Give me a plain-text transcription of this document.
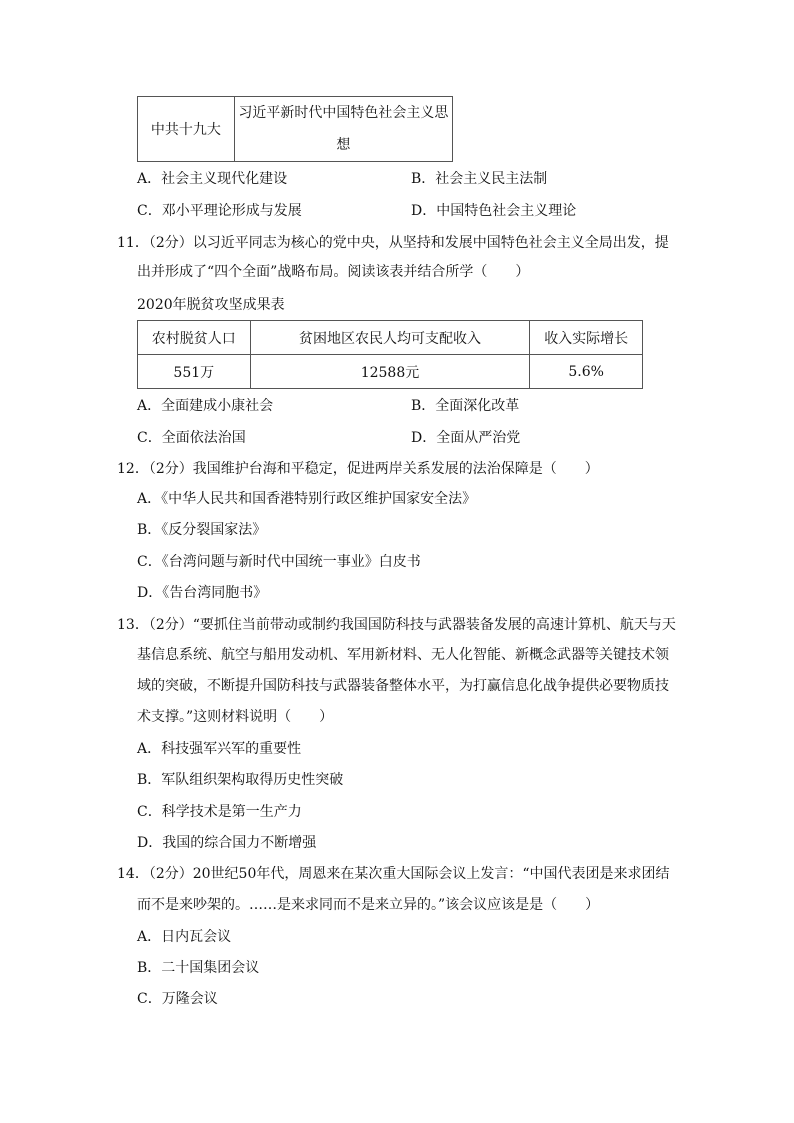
中共十九大	习近平新时代中国特色社会主义思想
A．社会主义现代化建设	B．社会主义民主法制
C．邓小平理论形成与发展	D．中国特色社会主义理论
11．（2分）以习近平同志为核心的党中央，从坚持和发展中国特色社会主义全局出发，提
出并形成了“四个全面”战略布局。阅读该表并结合所学（　　）
2020年脱贫攻坚成果表
农村脱贫人口	贫困地区农民人均可支配收入	收入实际增长
551万	12588元	5.6%
A．全面建成小康社会	B．全面深化改革
C．全面依法治国	D．全面从严治党
12．（2分）我国维护台海和平稳定，促进两岸关系发展的法治保障是（　　）
A．《中华人民共和国香港特别行政区维护国家安全法》
B．《反分裂国家法》
C．《台湾问题与新时代中国统一事业》白皮书
D．《告台湾同胞书》
13．（2分）“要抓住当前带动或制约我国国防科技与武器装备发展的高速计算机、航天与天
基信息系统、航空与船用发动机、军用新材料、无人化智能、新概念武器等关键技术领
域的突破，不断提升国防科技与武器装备整体水平，为打赢信息化战争提供必要物质技
术支撑。”这则材料说明（　　）
A．科技强军兴军的重要性
B．军队组织架构取得历史性突破
C．科学技术是第一生产力
D．我国的综合国力不断增强
14．（2分）20世纪50年代，周恩来在某次重大国际会议上发言：“中国代表团是来求团结
而不是来吵架的。……是来求同而不是来立异的。”该会议应该是是（　　）
A．日内瓦会议
B．二十国集团会议
C．万隆会议
